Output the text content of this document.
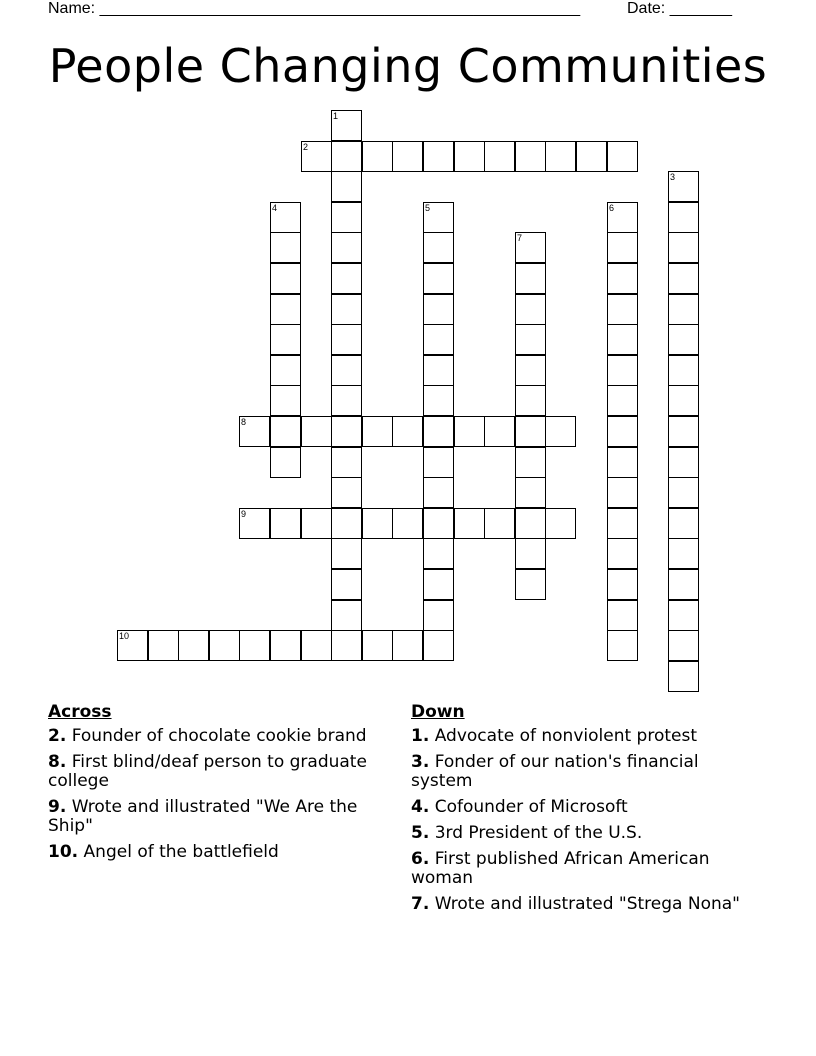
Name: ______________________________________________________	Date: _______
People Changing Communities
2
8
9
10
1
3
4	5	6
7
Across
2. Founder of chocolate cookie brand
8. First blind/deaf person to graduate college
9. Wrote and illustrated "We Are the Ship"
10. Angel of the battlefield
Down
1. Advocate of nonviolent protest
3. Fonder of our nation's financial system
4. Cofounder of Microsoft
5. 3rd President of the U.S.
6. First published African American woman
7. Wrote and illustrated "Strega Nona"
